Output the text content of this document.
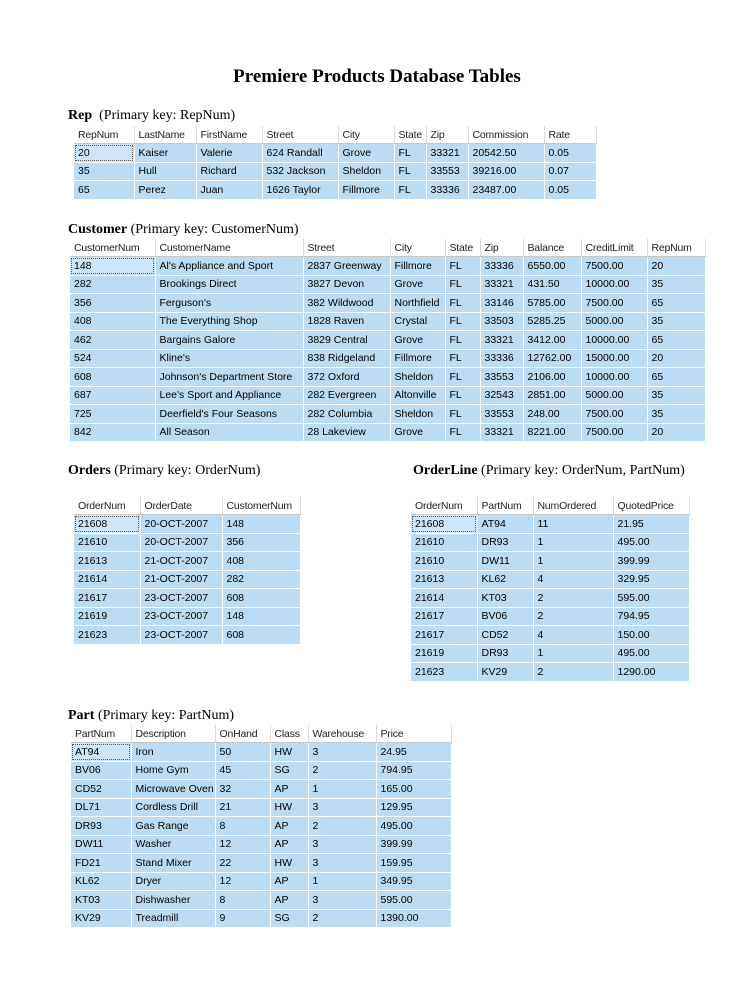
Premiere Products Database Tables
Rep (Primary key: RepNum)
RepNum	LastName	FirstName	Street	City	State	Zip	Commission	Rate
20	Kaiser	Valerie	624 Randall	Grove	FL	33321	20542.50	0.05
35	Hull	Richard	532 Jackson	Sheldon	FL	33553	39216.00	0.07
65	Perez	Juan	1626 Taylor	Fillmore	FL	33336	23487.00	0.05
Customer (Primary key: CustomerNum)
CustomerNum	CustomerName	Street	City	State	Zip	Balance	CreditLimit	RepNum
148	Al's Appliance and Sport	2837 Greenway	Fillmore	FL	33336	6550.00	7500.00	20
282	Brookings Direct	3827 Devon	Grove	FL	33321	431.50	10000.00	35
356	Ferguson's	382 Wildwood	Northfield	FL	33146	5785.00	7500.00	65
408	The Everything Shop	1828 Raven	Crystal	FL	33503	5285.25	5000.00	35
462	Bargains Galore	3829 Central	Grove	FL	33321	3412.00	10000.00	65
524	Kline's	838 Ridgeland	Fillmore	FL	33336	12762.00	15000.00	20
608	Johnson's Department Store	372 Oxford	Sheldon	FL	33553	2106.00	10000.00	65
687	Lee's Sport and Appliance	282 Evergreen	Altonville	FL	32543	2851.00	5000.00	35
725	Deerfield's Four Seasons	282 Columbia	Sheldon	FL	33553	248.00	7500.00	35
842	All Season	28 Lakeview	Grove	FL	33321	8221.00	7500.00	20
Orders (Primary key: OrderNum)
OrderNum	OrderDate	CustomerNum
21608	20-OCT-2007	148
21610	20-OCT-2007	356
21613	21-OCT-2007	408
21614	21-OCT-2007	282
21617	23-OCT-2007	608
21619	23-OCT-2007	148
21623	23-OCT-2007	608
OrderLine (Primary key: OrderNum, PartNum)
OrderNum	PartNum	NumOrdered	QuotedPrice
21608	AT94	11	21.95
21610	DR93	1	495.00
21610	DW11	1	399.99
21613	KL62	4	329.95
21614	KT03	2	595.00
21617	BV06	2	794.95
21617	CD52	4	150.00
21619	DR93	1	495.00
21623	KV29	2	1290.00
Part (Primary key: PartNum)
PartNum	Description	OnHand	Class	Warehouse	Price
AT94	Iron	50	HW	3	24.95
BV06	Home Gym	45	SG	2	794.95
CD52	Microwave Oven	32	AP	1	165.00
DL71	Cordless Drill	21	HW	3	129.95
DR93	Gas Range	8	AP	2	495.00
DW11	Washer	12	AP	3	399.99
FD21	Stand Mixer	22	HW	3	159.95
KL62	Dryer	12	AP	1	349.95
KT03	Dishwasher	8	AP	3	595.00
KV29	Treadmill	9	SG	2	1390.00
